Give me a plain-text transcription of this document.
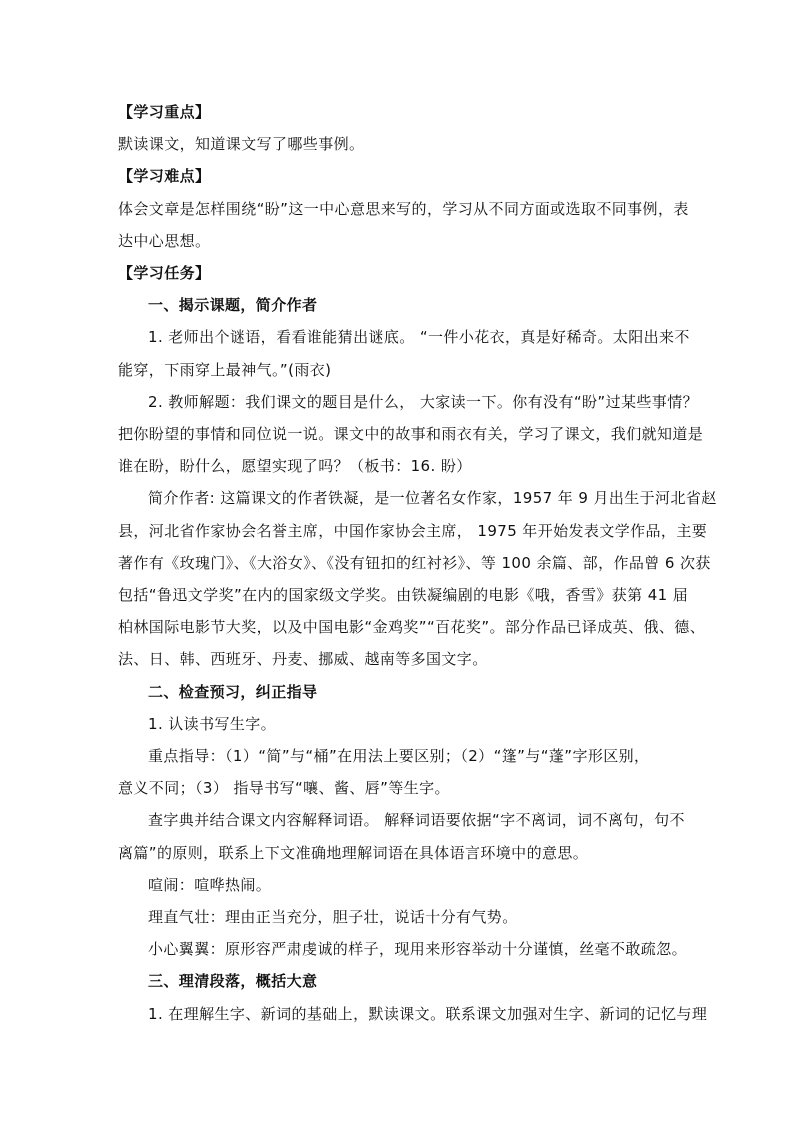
【学习重点】
默读课文，知道课文写了哪些事例。
【学习难点】
体会文章是怎样围绕“盼”这一中心意思来写的，学习从不同方面或选取不同事例，表
达中心思想。
【学习任务】
一、揭示课题，简介作者
1. 老师出个谜语，看看谁能猜出谜底。 “一件小花衣，真是好稀奇。太阳出来不
能穿，下雨穿上最神气。”(雨衣)
2. 教师解题：我们课文的题目是什么， 大家读一下。你有没有“盼”过某些事情？
把你盼望的事情和同位说一说。课文中的故事和雨衣有关，学习了课文，我们就知道是
谁在盼，盼什么，愿望实现了吗？（板书：16. 盼）
简介作者: 这篇课文的作者铁凝，是一位著名女作家，1957 年 9 月出生于河北省赵
县，河北省作家协会名誉主席，中国作家协会主席， 1975 年开始发表文学作品，主要
著作有《玫瑰门》、《大浴女》、《没有钮扣的红衬衫》、等 100 余篇、部，作品曾 6 次获
包括“鲁迅文学奖”在内的国家级文学奖。由铁凝编剧的电影《哦，香雪》获第 41 届
柏林国际电影节大奖，以及中国电影“金鸡奖”“百花奖”。部分作品已译成英、俄、德、
法、日、韩、西班牙、丹麦、挪威、越南等多国文字。
二、检查预习，纠正指导
1. 认读书写生字。
重点指导：（1）“简”与“桶”在用法上要区别；（2）“篷”与“蓬”字形区别，
意义不同；（3） 指导书写“嚷、酱、唇”等生字。
查字典并结合课文内容解释词语。 解释词语要依据“字不离词，词不离句，句不
离篇”的原则，联系上下文准确地理解词语在具体语言环境中的意思。
喧闹：喧哗热闹。
理直气壮：理由正当充分，胆子壮，说话十分有气势。
小心翼翼：原形容严肃虔诚的样子，现用来形容举动十分谨慎，丝毫不敢疏忽。
三、理清段落，概括大意
1. 在理解生字、新词的基础上，默读课文。联系课文加强对生字、新词的记忆与理
